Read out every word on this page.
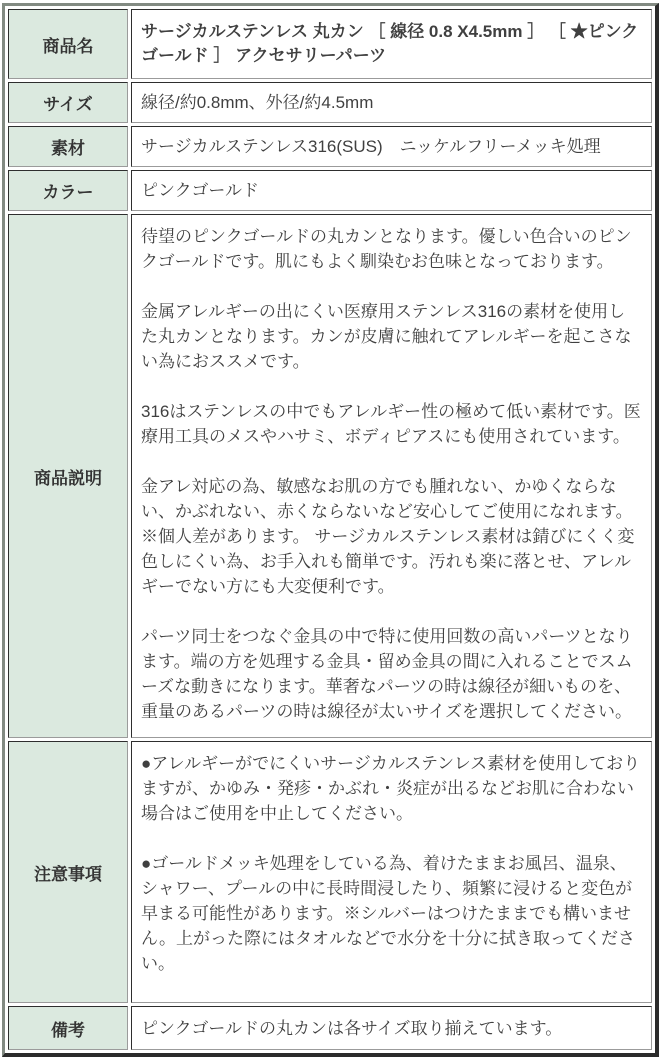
商品名	サージカルステンレス 丸カン ［ 線径 0.8 X4.5mm ］ ［ ★ピンクゴールド ］ アクセサリーパーツ
サイズ	線径/約0.8mm、外径/約4.5mm
素材	サージカルステンレス316(SUS)　ニッケルフリーメッキ処理
カラー	ピンクゴールド
商品説明	待望のピンクゴールドの丸カンとなります。優しい色合いのピンクゴールドです。肌にもよく馴染むお色味となっております。

金属アレルギーの出にくい医療用ステンレス316の素材を使用した丸カンとなります。カンが皮膚に触れてアレルギーを起こさない為におススメです。

316はステンレスの中でもアレルギー性の極めて低い素材です。医療用工具のメスやハサミ、ボディピアスにも使用されています。

金アレ対応の為、敏感なお肌の方でも腫れない、かゆくならない、かぶれない、赤くならないなど安心してご使用になれます。※個人差があります。 サージカルステンレス素材は錆びにくく変色しにくい為、お手入れも簡単です。汚れも楽に落とせ、アレルギーでない方にも大変便利です。

パーツ同士をつなぐ金具の中で特に使用回数の高いパーツとなります。端の方を処理する金具・留め金具の間に入れることでスムーズな動きになります。華奢なパーツの時は線径が細いものを、重量のあるパーツの時は線径が太いサイズを選択してください。

注意事項	●アレルギーがでにくいサージカルステンレス素材を使用しておりますが、かゆみ・発疹・かぶれ・炎症が出るなどお肌に合わない場合はご使用を中止してください。

●ゴールドメッキ処理をしている為、着けたままお風呂、温泉、シャワー、プールの中に長時間浸したり、頻繁に浸けると変色が早まる可能性があります。※シルバーはつけたままでも構いません。上がった際にはタオルなどで水分を十分に拭き取ってください。

備考	ピンクゴールドの丸カンは各サイズ取り揃えています。
